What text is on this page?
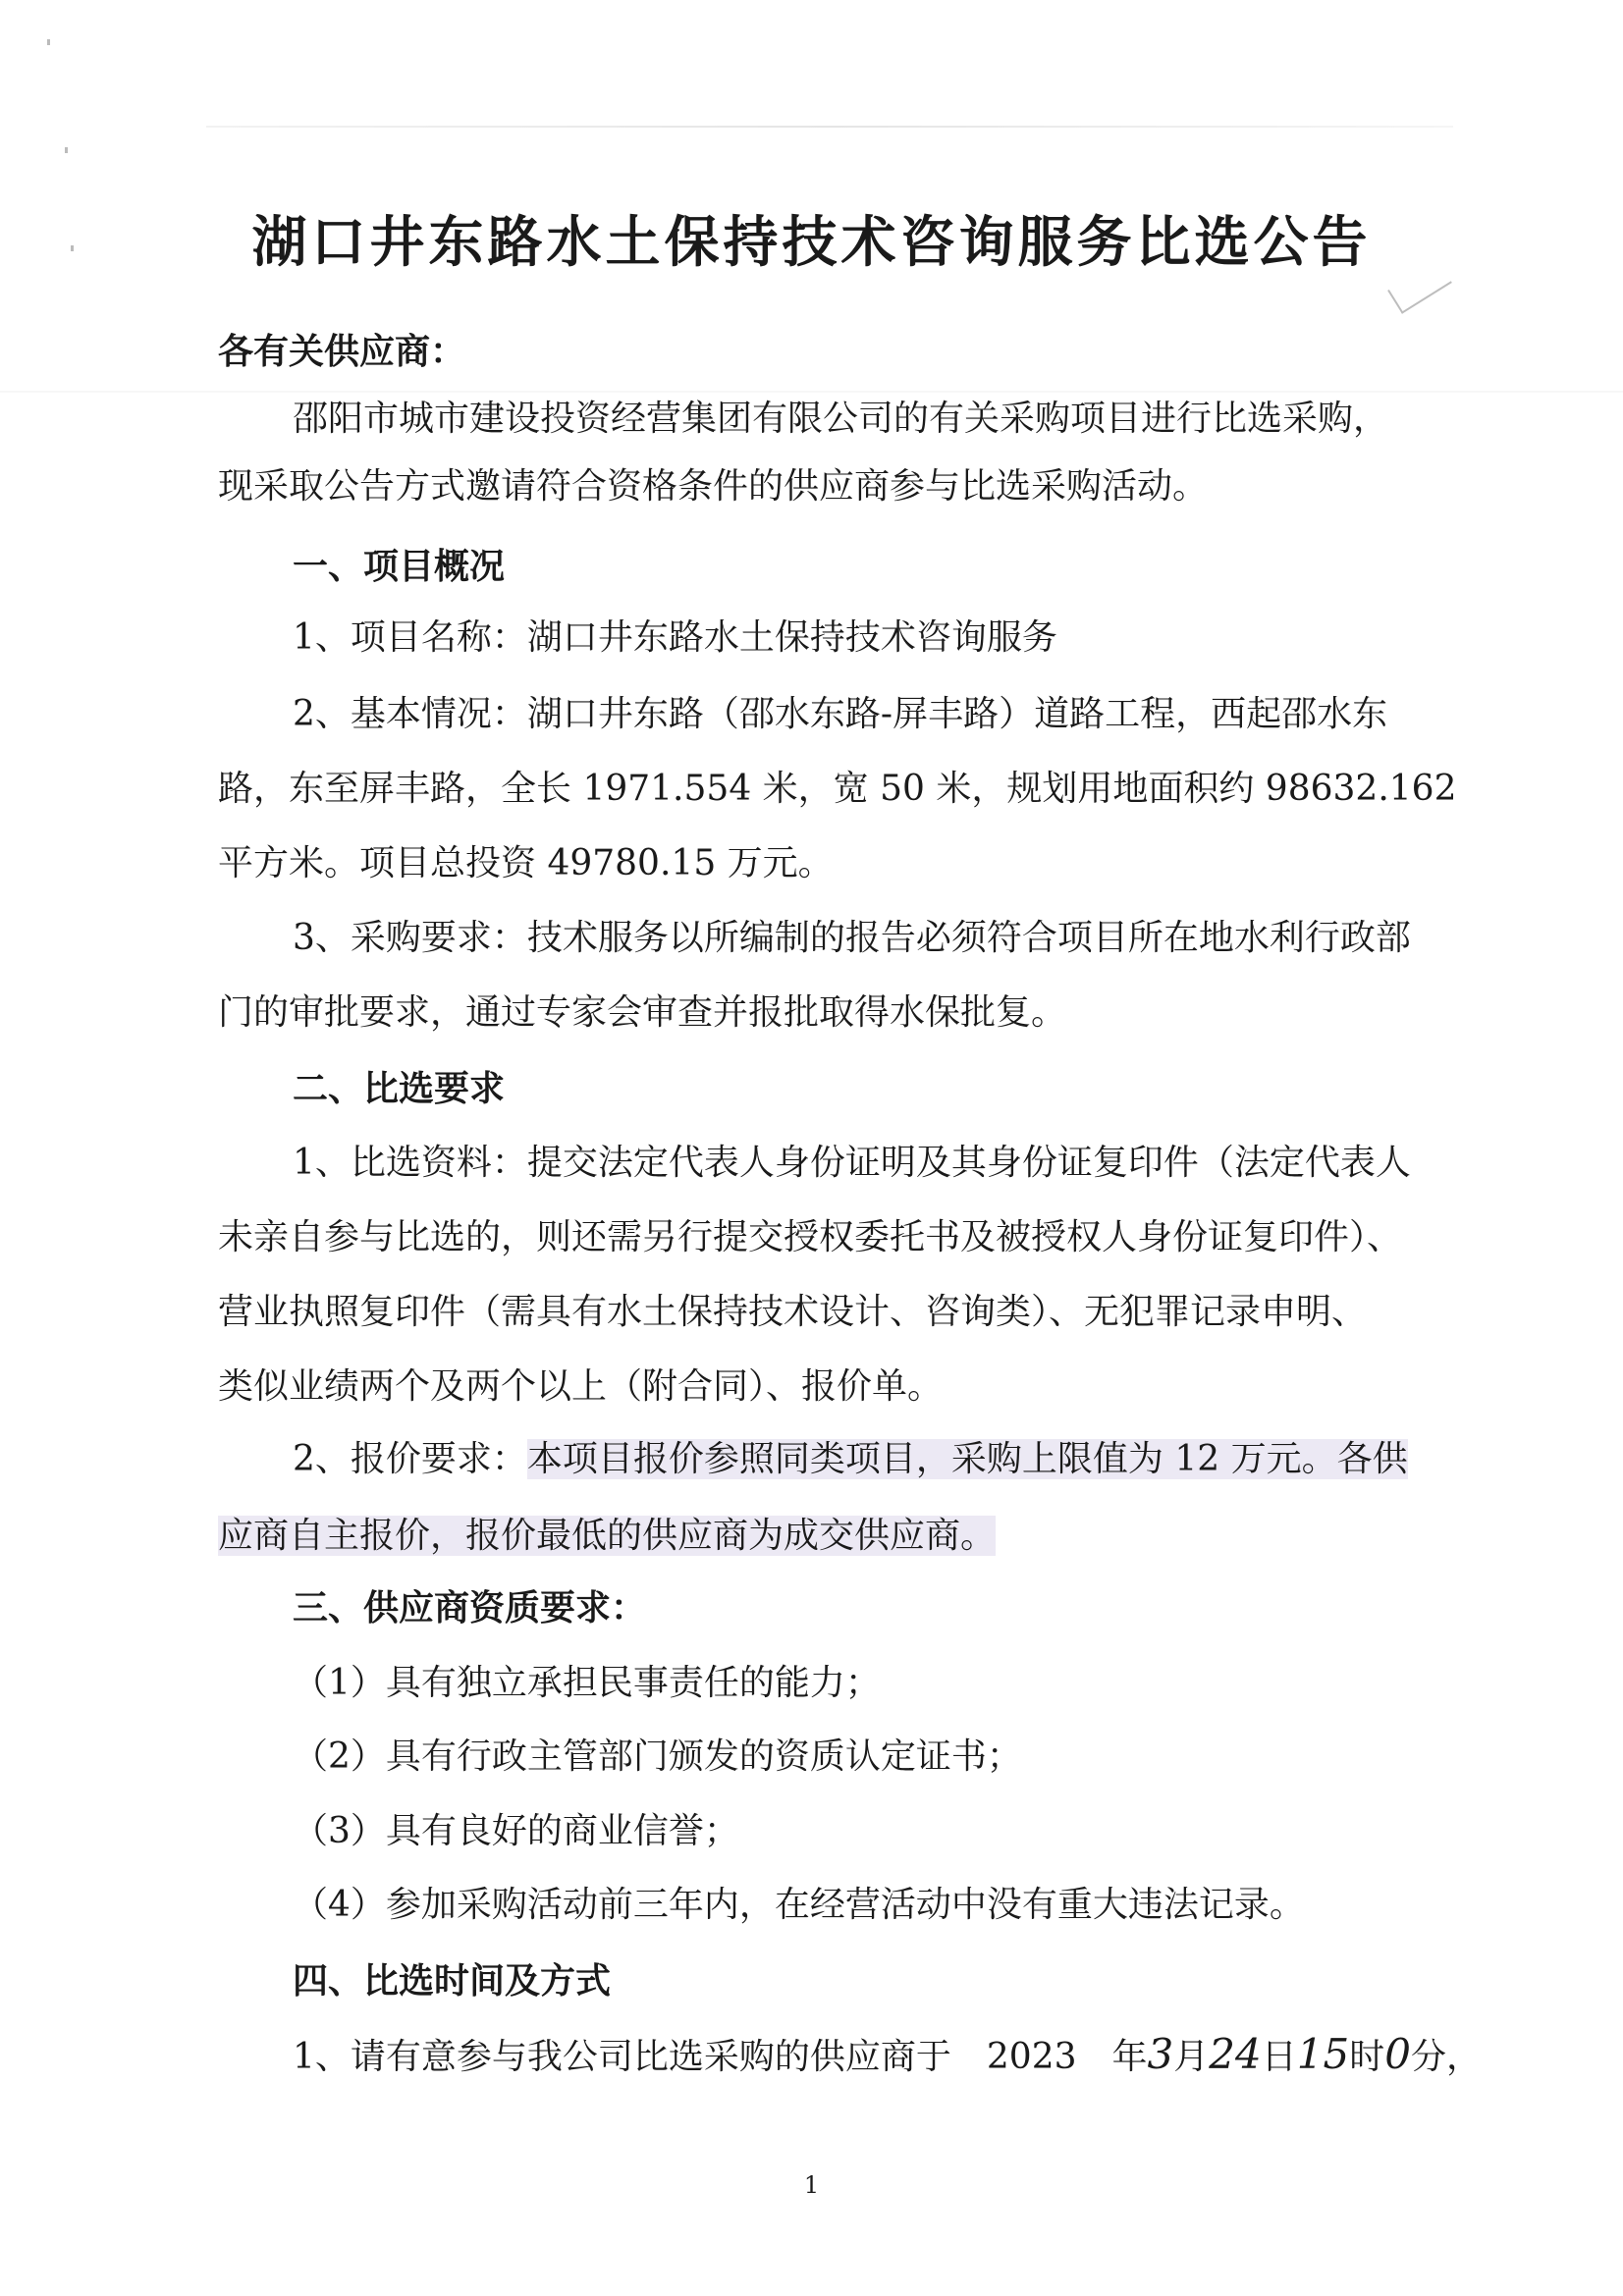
湖口井东路水土保持技术咨询服务比选公告
各有关供应商：
邵阳市城市建设投资经营集团有限公司的有关采购项目进行比选采购，
现采取公告方式邀请符合资格条件的供应商参与比选采购活动。
一、项目概况
1、项目名称：湖口井东路水土保持技术咨询服务
2、基本情况：湖口井东路（邵水东路-屏丰路）道路工程，西起邵水东
路，东至屏丰路，全长 1971.554 米，宽 50 米，规划用地面积约 98632.162
平方米。项目总投资 49780.15 万元。
3、采购要求：技术服务以所编制的报告必须符合项目所在地水利行政部
门的审批要求，通过专家会审查并报批取得水保批复。
二、比选要求
1、比选资料：提交法定代表人身份证明及其身份证复印件（法定代表人
未亲自参与比选的，则还需另行提交授权委托书及被授权人身份证复印件）、
营业执照复印件（需具有水土保持技术设计、咨询类）、无犯罪记录申明、
类似业绩两个及两个以上（附合同）、报价单。
2、报价要求：本项目报价参照同类项目，采购上限值为 12 万元。各供
应商自主报价，报价最低的供应商为成交供应商。
三、供应商资质要求：
（1）具有独立承担民事责任的能力；
（2）具有行政主管部门颁发的资质认定证书；
（3）具有良好的商业信誉；
（4）参加采购活动前三年内，在经营活动中没有重大违法记录。
四、比选时间及方式
1、请有意参与我公司比选采购的供应商于　2023　年3月24日15时0分，
1
